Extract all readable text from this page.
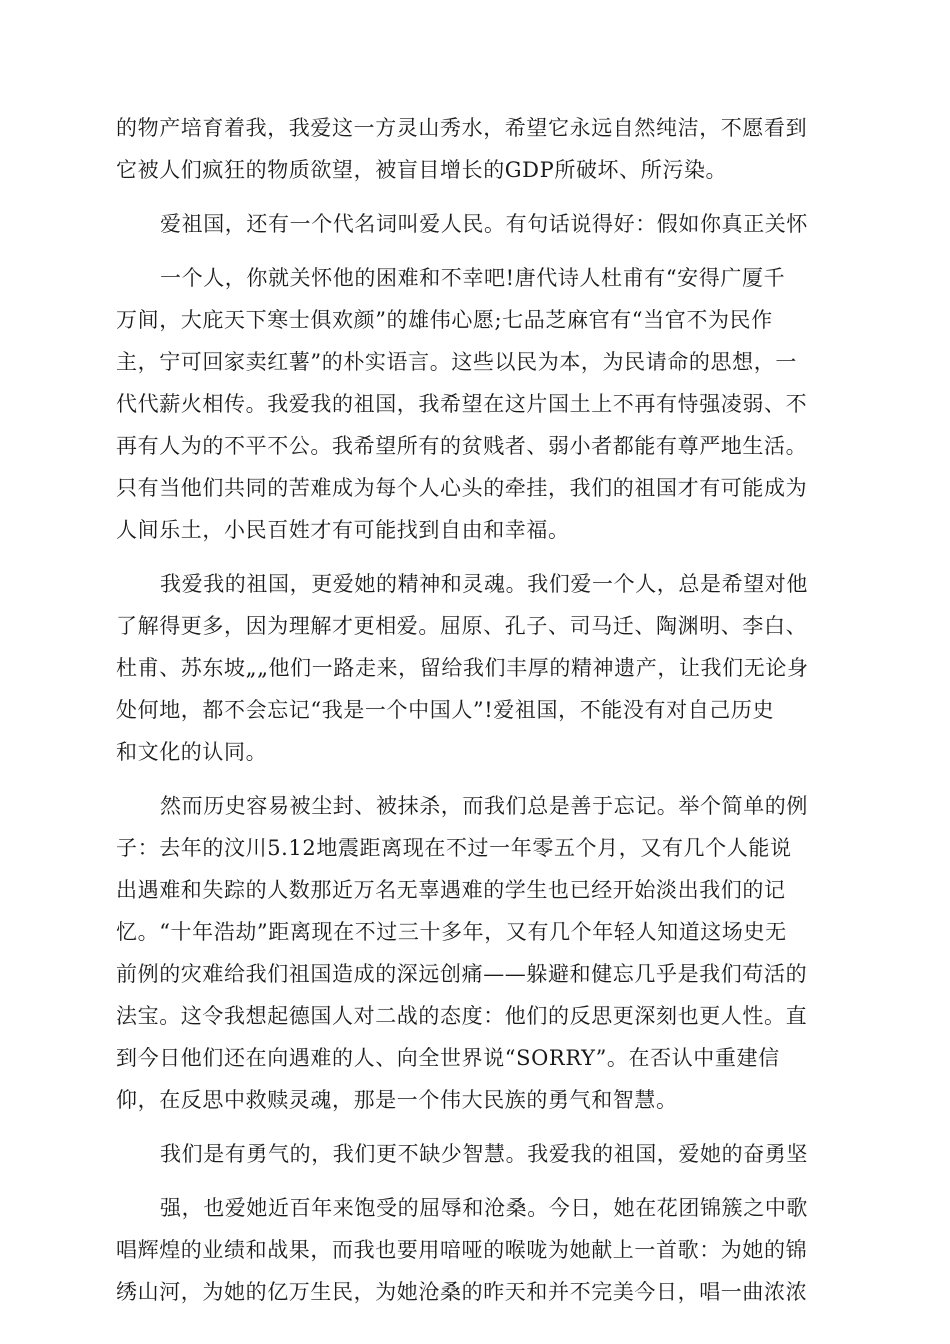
的物产培育着我，我爱这一方灵山秀水，希望它永远自然纯洁，不愿看到
它被人们疯狂的物质欲望，被盲目增长的GDP所破坏、所污染。
爱祖国，还有一个代名词叫爱人民。有句话说得好：假如你真正关怀
一个人，你就关怀他的困难和不幸吧!唐代诗人杜甫有“安得广厦千
万间，大庇天下寒士俱欢颜”的雄伟心愿;七品芝麻官有“当官不为民作
主，宁可回家卖红薯”的朴实语言。这些以民为本，为民请命的思想，一
代代薪火相传。我爱我的祖国，我希望在这片国土上不再有恃强凌弱、不
再有人为的不平不公。我希望所有的贫贱者、弱小者都能有尊严地生活。
只有当他们共同的苦难成为每个人心头的牵挂，我们的祖国才有可能成为
人间乐土，小民百姓才有可能找到自由和幸福。
我爱我的祖国，更爱她的精神和灵魂。我们爱一个人，总是希望对他
了解得更多，因为理解才更相爱。屈原、孔子、司马迁、陶渊明、李白、
杜甫、苏东坡„„他们一路走来，留给我们丰厚的精神遗产，让我们无论身
处何地，都不会忘记“我是一个中国人”!爱祖国，不能没有对自己历史
和文化的认同。
然而历史容易被尘封、被抹杀，而我们总是善于忘记。举个简单的例
子：去年的汶川5.12地震距离现在不过一年零五个月，又有几个人能说
出遇难和失踪的人数那近万名无辜遇难的学生也已经开始淡出我们的记
忆。“十年浩劫”距离现在不过三十多年，又有几个年轻人知道这场史无
前例的灾难给我们祖国造成的深远创痛——躲避和健忘几乎是我们苟活的
法宝。这令我想起德国人对二战的态度：他们的反思更深刻也更人性。直
到今日他们还在向遇难的人、向全世界说“SORRY”。在否认中重建信
仰，在反思中救赎灵魂，那是一个伟大民族的勇气和智慧。
我们是有勇气的，我们更不缺少智慧。我爱我的祖国，爱她的奋勇坚
强，也爱她近百年来饱受的屈辱和沧桑。今日，她在花团锦簇之中歌
唱辉煌的业绩和战果，而我也要用喑哑的喉咙为她献上一首歌：为她的锦
绣山河，为她的亿万生民，为她沧桑的昨天和并不完美今日，唱一曲浓浓
